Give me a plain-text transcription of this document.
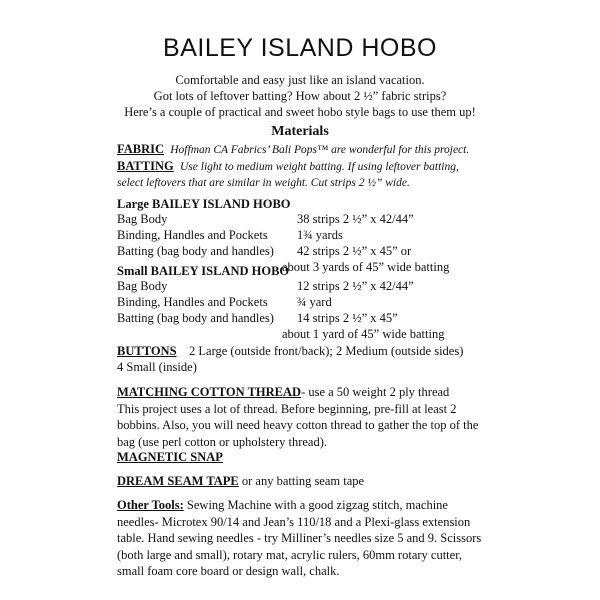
BAILEY ISLAND HOBO
Comfortable and easy just like an island vacation.
Got lots of leftover batting? How about 2 ½” fabric strips?
Here’s a couple of practical and sweet hobo style bags to use them up!
Materials
FABRIC Hoffman CA Fabrics’ Bali Pops™ are wonderful for this project.
BATTING Use light to medium weight batting. If using leftover batting,
select leftovers that are similar in weight. Cut strips 2 ½” wide.
Large BAILEY ISLAND HOBO
Bag Body	38 strips 2 ½” x 42/44”
Binding, Handles and Pockets 1¾ yards
Batting (bag body and handles) 42 strips 2 ½” x 45” or
about 3 yards of 45” wide batting
Small BAILEY ISLAND HOBO
Bag Body	12 strips 2 ½” x 42/44”
Binding, Handles and Pockets ¾ yard
Batting (bag body and handles) 14 strips 2 ½” x 45”
about 1 yard of 45” wide batting
BUTTONS 2 Large (outside front/back); 2 Medium (outside sides)
4 Small (inside)
MATCHING COTTON THREAD- use a 50 weight 2 ply thread
This project uses a lot of thread. Before beginning, pre-fill at least 2
bobbins. Also, you will need heavy cotton thread to gather the top of the
bag (use perl cotton or upholstery thread).
MAGNETIC SNAP
DREAM SEAM TAPE or any batting seam tape
Other Tools: Sewing Machine with a good zigzag stitch, machine
needles- Microtex 90/14 and Jean’s 110/18 and a Plexi-glass extension
table. Hand sewing needles - try Milliner’s needles size 5 and 9. Scissors
(both large and small), rotary mat, acrylic rulers, 60mm rotary cutter,
small foam core board or design wall, chalk.
